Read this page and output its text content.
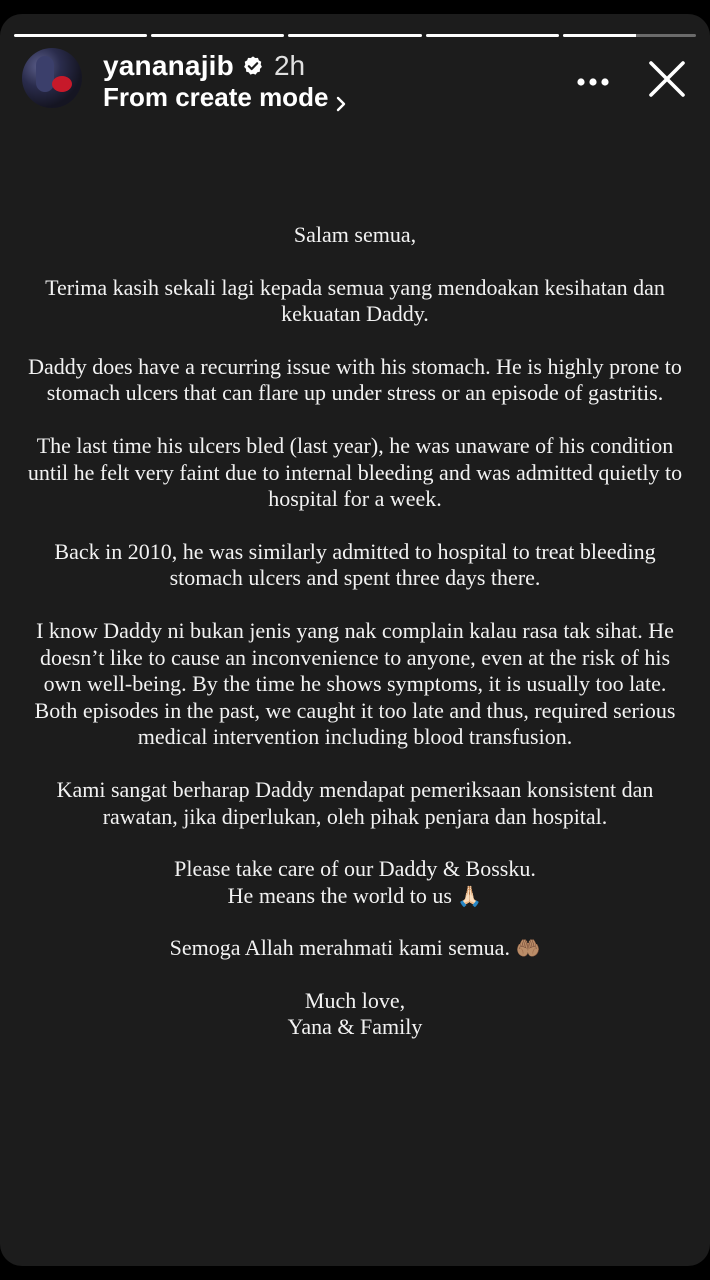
yananajib 2h
From create mode

Salam semua,

Terima kasih sekali lagi kepada semua yang mendoakan kesihatan dan kekuatan Daddy.

Daddy does have a recurring issue with his stomach. He is highly prone to stomach ulcers that can flare up under stress or an episode of gastritis.

The last time his ulcers bled (last year), he was unaware of his condition until he felt very faint due to internal bleeding and was admitted quietly to hospital for a week.

Back in 2010, he was similarly admitted to hospital to treat bleeding stomach ulcers and spent three days there.

I know Daddy ni bukan jenis yang nak complain kalau rasa tak sihat. He doesn’t like to cause an inconvenience to anyone, even at the risk of his own well-being. By the time he shows symptoms, it is usually too late. Both episodes in the past, we caught it too late and thus, required serious medical intervention including blood transfusion.

Kami sangat berharap Daddy mendapat pemeriksaan konsistent dan rawatan, jika diperlukan, oleh pihak penjara dan hospital.

Please take care of our Daddy & Bossku.
He means the world to us 🙏🏻

Semoga Allah merahmati kami semua. 🤲🏽

Much love,
Yana & Family
